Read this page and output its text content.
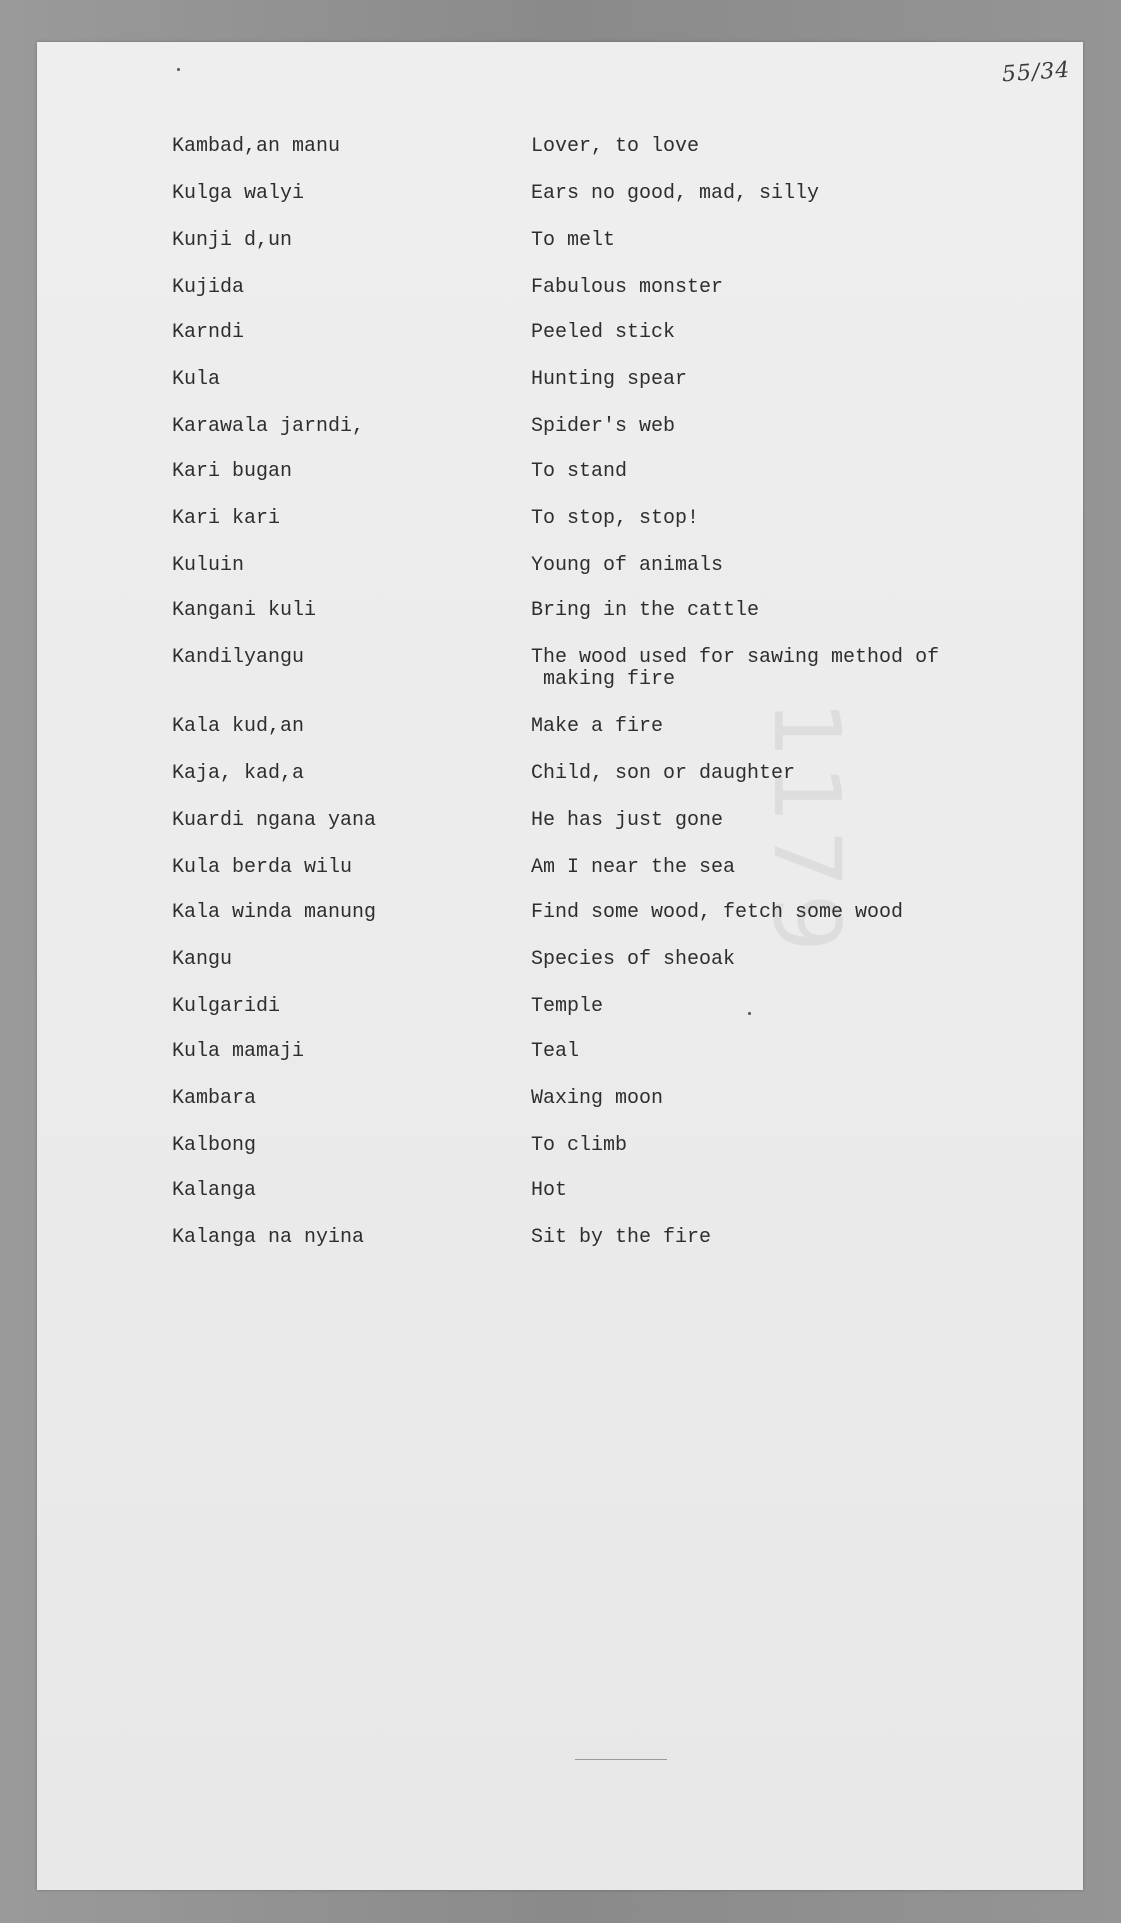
55/34
1179
Kambad,an manu	Lover, to love
Kulga walyi	Ears no good, mad, silly
Kunji d,un	To melt
Kujida	Fabulous monster
Karndi	Peeled stick
Kula	Hunting spear
Karawala jarndi,	Spider's web
Kari bugan	To stand
Kari kari	To stop, stop!
Kuluin	Young of animals
Kangani kuli	Bring in the cattle
Kandilyangu	The wood used for sawing method of
making fire
Kala kud,an	Make a fire
Kaja, kad,a	Child, son or daughter
Kuardi ngana yana	He has just gone
Kula berda wilu	Am I near the sea
Kala winda manung	Find some wood, fetch some wood
Kangu	Species of sheoak
Kulgaridi	Temple
Kula mamaji	Teal
Kambara	Waxing moon
Kalbong	To climb
Kalanga	Hot
Kalanga na nyina	Sit by the fire
